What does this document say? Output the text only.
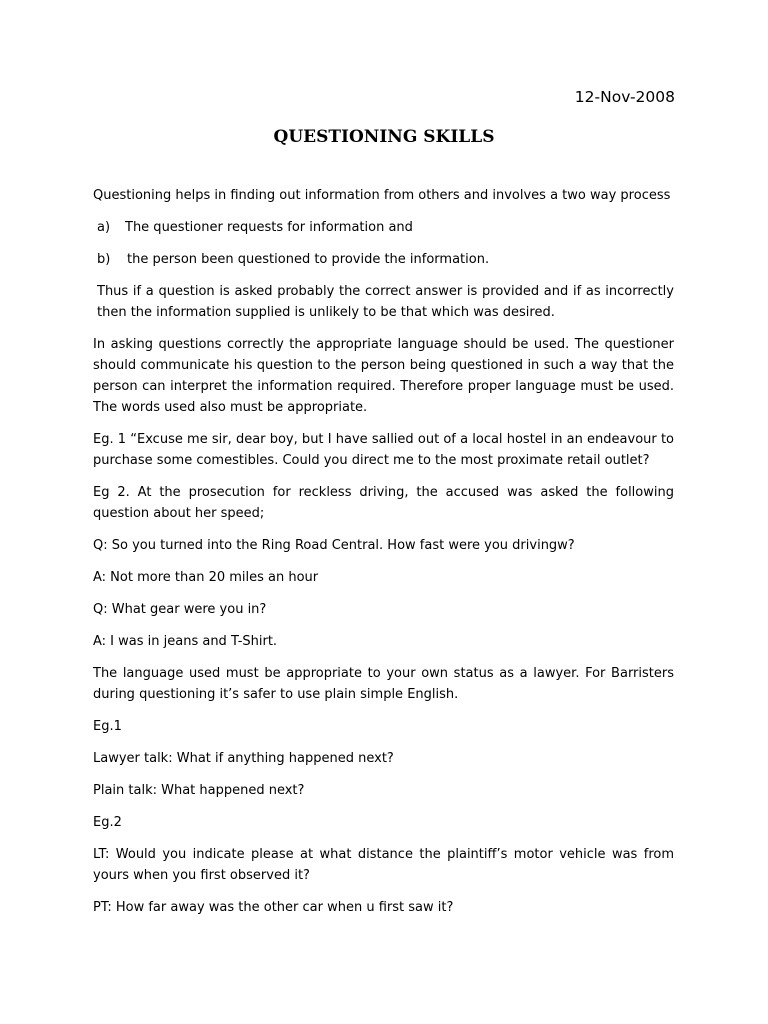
12-Nov-2008
QUESTIONING SKILLS

Questioning helps in finding out information from others and involves a two way process

a)	The questioner requests for information and
b)	the person been questioned to provide the information.

Thus if a question is asked probably the correct answer is provided and if as incorrectly then the information supplied is unlikely to be that which was desired.

In asking questions correctly the appropriate language should be used. The questioner should communicate his question to the person being questioned in such a way that the person can interpret the information required. Therefore proper language must be used. The words used also must be appropriate.

Eg. 1 “Excuse me sir, dear boy, but I have sallied out of a local hostel in an endeavour to purchase some comestibles. Could you direct me to the most proximate retail outlet?

Eg 2. At the prosecution for reckless driving, the accused was asked the following question about her speed;

Q: So you turned into the Ring Road Central. How fast were you drivingw?

A: Not more than 20 miles an hour

Q: What gear were you in?

A: I was in jeans and T-Shirt.

The language used must be appropriate to your own status as a lawyer. For Barristers during questioning it’s safer to use plain simple English.

Eg.1

Lawyer talk: What if anything happened next?

Plain talk: What happened next?

Eg.2

LT: Would you indicate please at what distance the plaintiff’s motor vehicle was from yours when you first observed it?

PT: How far away was the other car when u first saw it?
